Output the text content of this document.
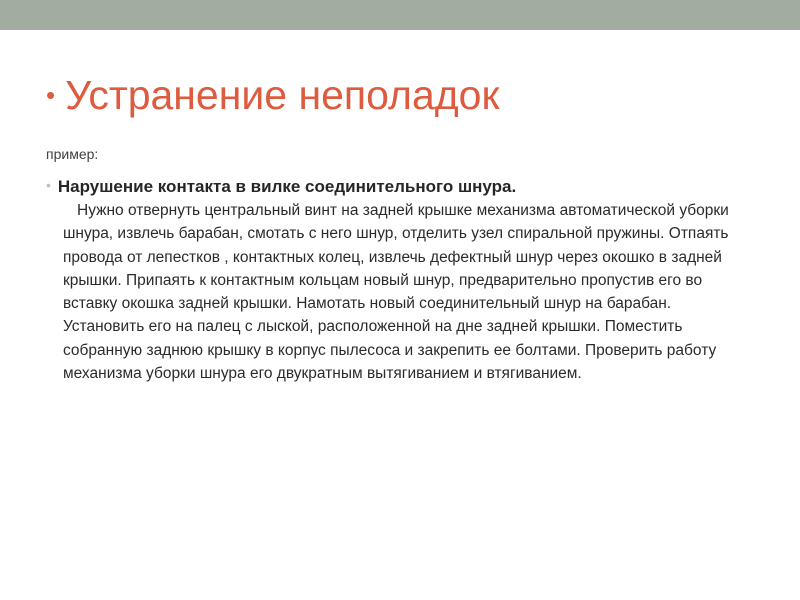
• Устранение неполадок
пример:
• Нарушение контакта в вилке соединительного шнура.
Нужно отвернуть центральный винт на задней крышке механизма автоматической уборки шнура, извлечь барабан, смотать с него шнур, отделить узел спиральной пружины. Отпаять провода от лепестков , контактных колец, извлечь дефектный шнур через окошко в задней крышки. Припаять к контактным кольцам новый шнур, предварительно пропустив его во вставку окошка задней крышки. Намотать новый соединительный шнур на барабан. Установить его на палец с лыской, расположенной на дне задней крышки. Поместить собранную заднюю крышку в корпус пылесоса и закрепить ее болтами. Проверить работу механизма уборки шнура его двукратным вытягиванием и втягиванием.
